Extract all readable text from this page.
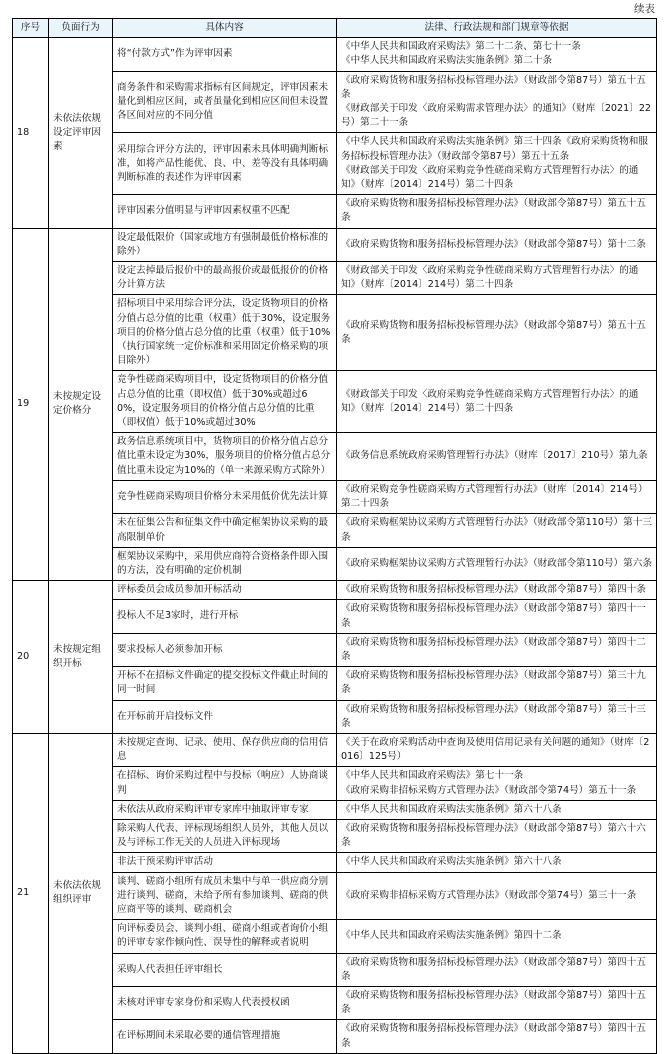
续表
序号	负面行为	具体内容	法律、行政法规和部门规章等依据
18	未依法依规设定评审因素	将“付款方式”作为评审因素	《中华人民共和国政府采购法》第二十二条、第七十一条
《中华人民共和国政府采购法实施条例》第二十条

		商务条件和采购需求指标有区间规定，评审因素未量化到相应区间，或者虽量化到相应区间但未设置各区间对应的不同分值	《政府采购货物和服务招标投标管理办法》（财政部令第87号）第五十五条
《财政部关于印发〈政府采购需求管理办法〉的通知》（财库〔2021〕22号）第二十一条

		采用综合评分方法的，评审因素未具体明确判断标准，如将产品性能优、良、中、差等没有具体明确判断标准的表述作为评审因素	《中华人民共和国政府采购法实施条例》第三十四条《政府采购货物和服务招标投标管理办法》（财政部令第87号）第五十五条
《财政部关于印发〈政府采购竞争性磋商采购方式管理暂行办法〉的通知》（财库〔2014〕214号）第二十四条

		评审因素分值明显与评审因素权重不匹配	《政府采购货物和服务招标投标管理办法》（财政部令第87号）第五十五条

19	未按规定设定价格分	设定最低限价（国家或地方有强制最低价格标准的除外）	《政府采购货物和服务招标投标管理办法》（财政部令第87号）第十二条

		设定去掉最后报价中的最高报价或最低报价的价格分计算方法	《财政部关于印发〈政府采购竞争性磋商采购方式管理暂行办法〉的通知》（财库〔2014〕214号）第二十四条

		招标项目中采用综合评分法，设定货物项目的价格分值占总分值的比重（权重）低于30%，设定服务项目的价格分值占总分值的比重（权重）低于10%（执行国家统一定价标准和采用固定价格采购的项目除外）	《政府采购货物和服务招标投标管理办法》（财政部令第87号）第五十五条

		竞争性磋商采购项目中，设定货物项目的价格分值占总分值的比重（即权值）低于30%或超过60%，设定服务项目的价格分值占总分值的比重（即权值）低于10%或超过30%	《财政部关于印发〈政府采购竞争性磋商采购方式管理暂行办法〉的通知》（财库〔2014〕214号）第二十四条

		政务信息系统项目中，货物项目的价格分值占总分值比重未设定为30%，服务项目的价格分值占总分值比重未设定为10%的（单一来源采购方式除外）	《政务信息系统政府采购管理暂行办法》（财库〔2017〕210号）第九条

		竞争性磋商采购项目价格分未采用低价优先法计算	《政府采购竞争性磋商采购方式管理暂行办法》（财库〔2014〕214号）第二十四条

		未在征集公告和征集文件中确定框架协议采购的最高限制单价	《政府采购框架协议采购方式管理暂行办法》（财政部令第110号）第十三条

		框架协议采购中，采用供应商符合资格条件即入围的方法，没有明确的定价机制	《政府采购框架协议采购方式管理暂行办法》（财政部令第110号）第六条

20	未按规定组织开标	评标委员会成员参加开标活动	《政府采购货物和服务招标投标管理办法》（财政部令第87号）第四十条

		投标人不足3家时，进行开标	《政府采购货物和服务招标投标管理办法》（财政部令第87号）第四十一条

		要求投标人必须参加开标	《政府采购货物和服务招标投标管理办法》（财政部令第87号）第四十二条

		开标不在招标文件确定的提交投标文件截止时间的同一时间	《政府采购货物和服务招标投标管理办法》（财政部令第87号）第三十九条

		在开标前开启投标文件	《政府采购货物和服务招标投标管理办法》（财政部令第87号）第三十三条

21	未依法依规组织评审	未按规定查询、记录、使用、保存供应商的信用信息	《关于在政府采购活动中查询及使用信用记录有关问题的通知》（财库〔2016〕125号）

		在招标、询价采购过程中与投标（响应）人协商谈判	《中华人民共和国政府采购法》第七十一条
《政府采购非招标采购方式管理办法》（财政部令第74号）第五十一条

		未依法从政府采购评审专家库中抽取评审专家	《中华人民共和国政府采购法实施条例》第六十八条

		除采购人代表、评标现场组织人员外，其他人员以及与评标工作无关的人员进入评标现场	《政府采购货物和服务招标投标管理办法》（财政部令第87号）第六十六条

		非法干预采购评审活动	《中华人民共和国政府采购法实施条例》第六十八条

		谈判、磋商小组所有成员未集中与单一供应商分别进行谈判、磋商，未给予所有参加谈判、磋商的供应商平等的谈判、磋商机会	《政府采购非招标采购方式管理办法》（财政部令第74号）第三十一条

		向评标委员会、谈判小组、磋商小组或者询价小组的评审专家作倾向性、误导性的解释或者说明	《中华人民共和国政府采购法实施条例》第四十二条

		采购人代表担任评审组长	《政府采购货物和服务招标投标管理办法》（财政部令第87号）第四十五条

		未核对评审专家身份和采购人代表授权函	《政府采购货物和服务招标投标管理办法》（财政部令第87号）第四十五条

		在评标期间未采取必要的通信管理措施	《政府采购货物和服务招标投标管理办法》（财政部令第87号）第四十五条
